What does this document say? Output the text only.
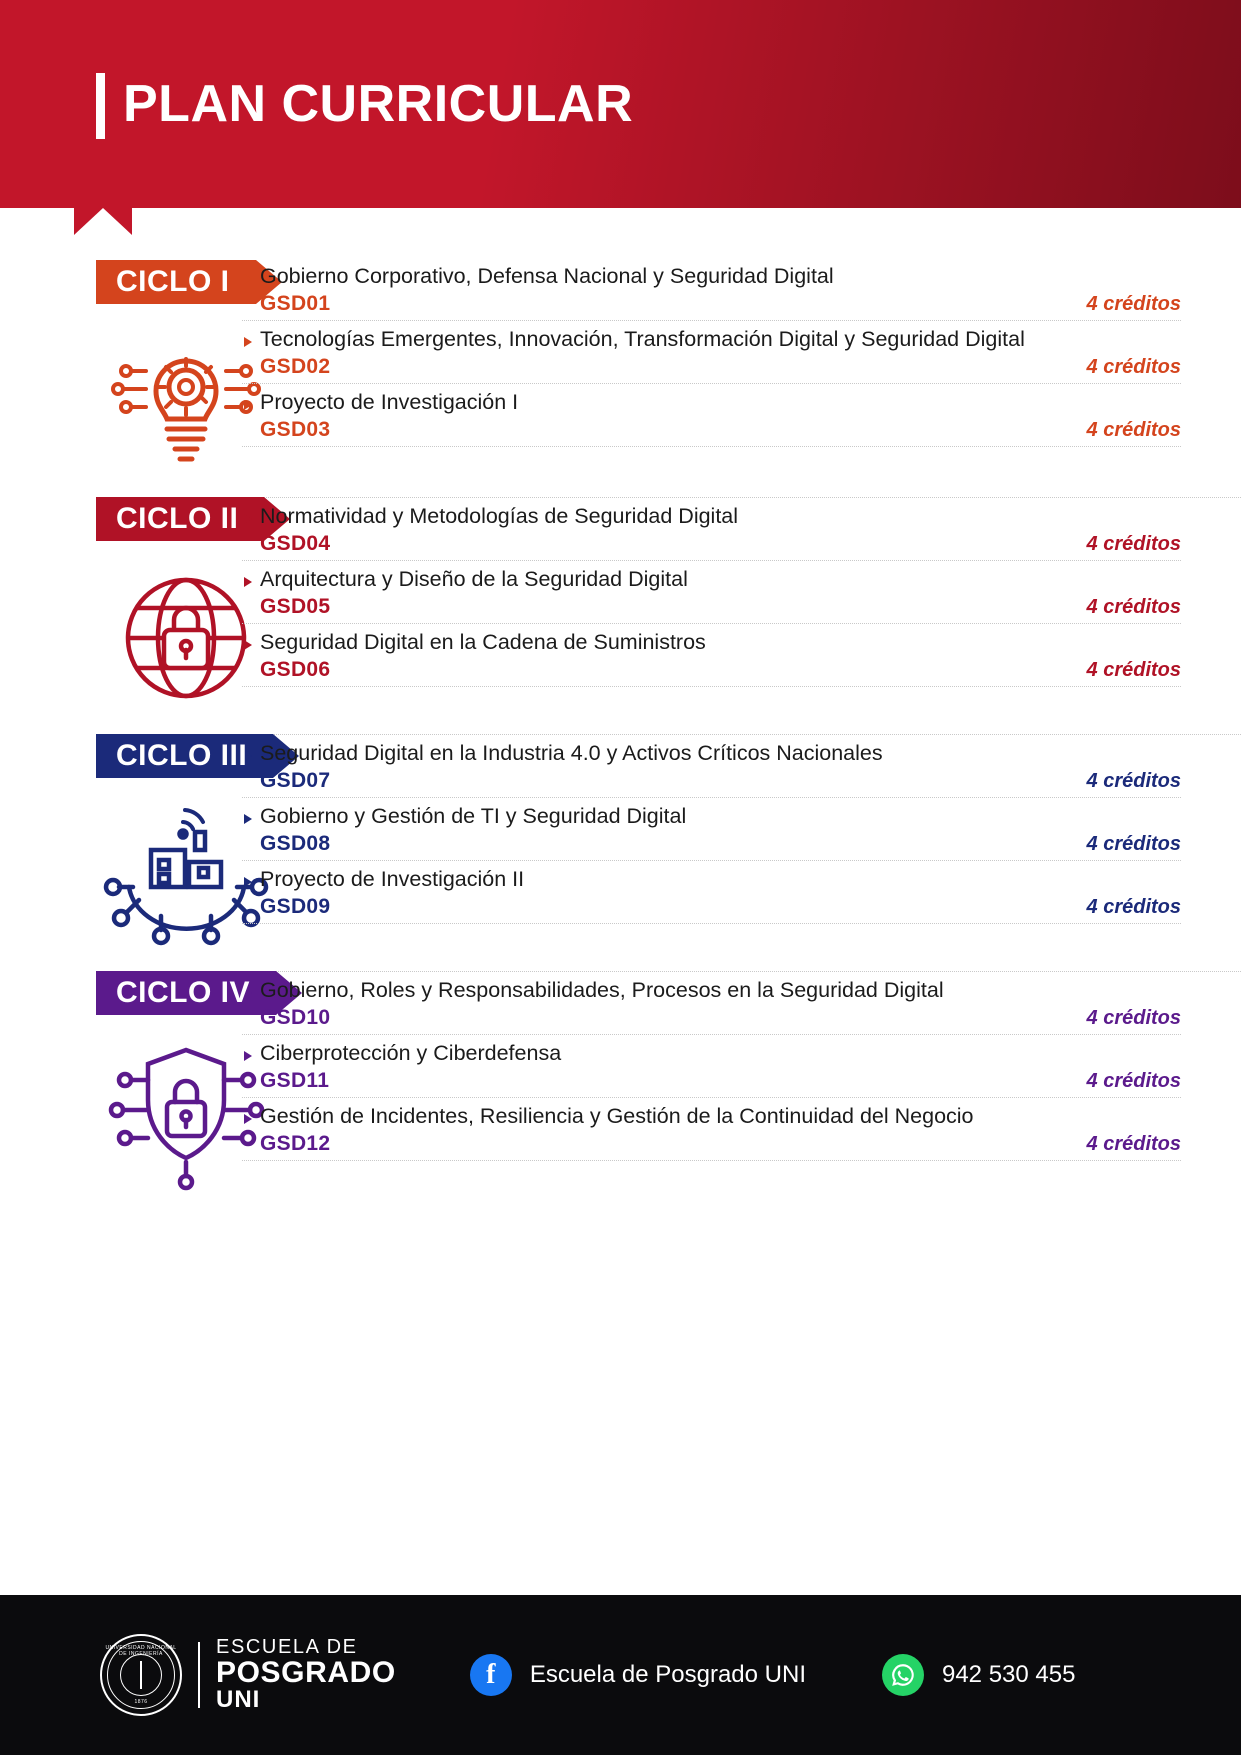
PLAN CURRICULAR
CICLO I Gobierno Corporativo, Defensa Nacional y Seguridad Digital
GSD01	4 créditos
Tecnologías Emergentes, Innovación, Transformación Digital y Seguridad Digital
GSD02	4 créditos
Proyecto de Investigación I
GSD03	4 créditos
CICLO II Normatividad y Metodologías de Seguridad Digital
GSD04	4 créditos
Arquitectura y Diseño de la Seguridad Digital
GSD05	4 créditos
Seguridad Digital en la Cadena de Suministros
GSD06	4 créditos
CICLO III Seguridad Digital en la Industria 4.0 y Activos Críticos Nacionales
GSD07	4 créditos
Gobierno y Gestión de TI y Seguridad Digital
GSD08	4 créditos
Proyecto de Investigación II
GSD09	4 créditos
CICLO IV Gobierno, Roles y Responsabilidades, Procesos en la Seguridad Digital
GSD10	4 créditos
Ciberprotección y Ciberdefensa
GSD11	4 créditos
Gestión de Incidentes, Resiliencia y Gestión de la Continuidad del Negocio
GSD12	4 créditos
UNIVERSIDAD NACIONAL DE INGENIERÍA
1876
ESCUELA DE
POSGRADO
UNI
f	Escuela de Posgrado UNI	942 530 455
